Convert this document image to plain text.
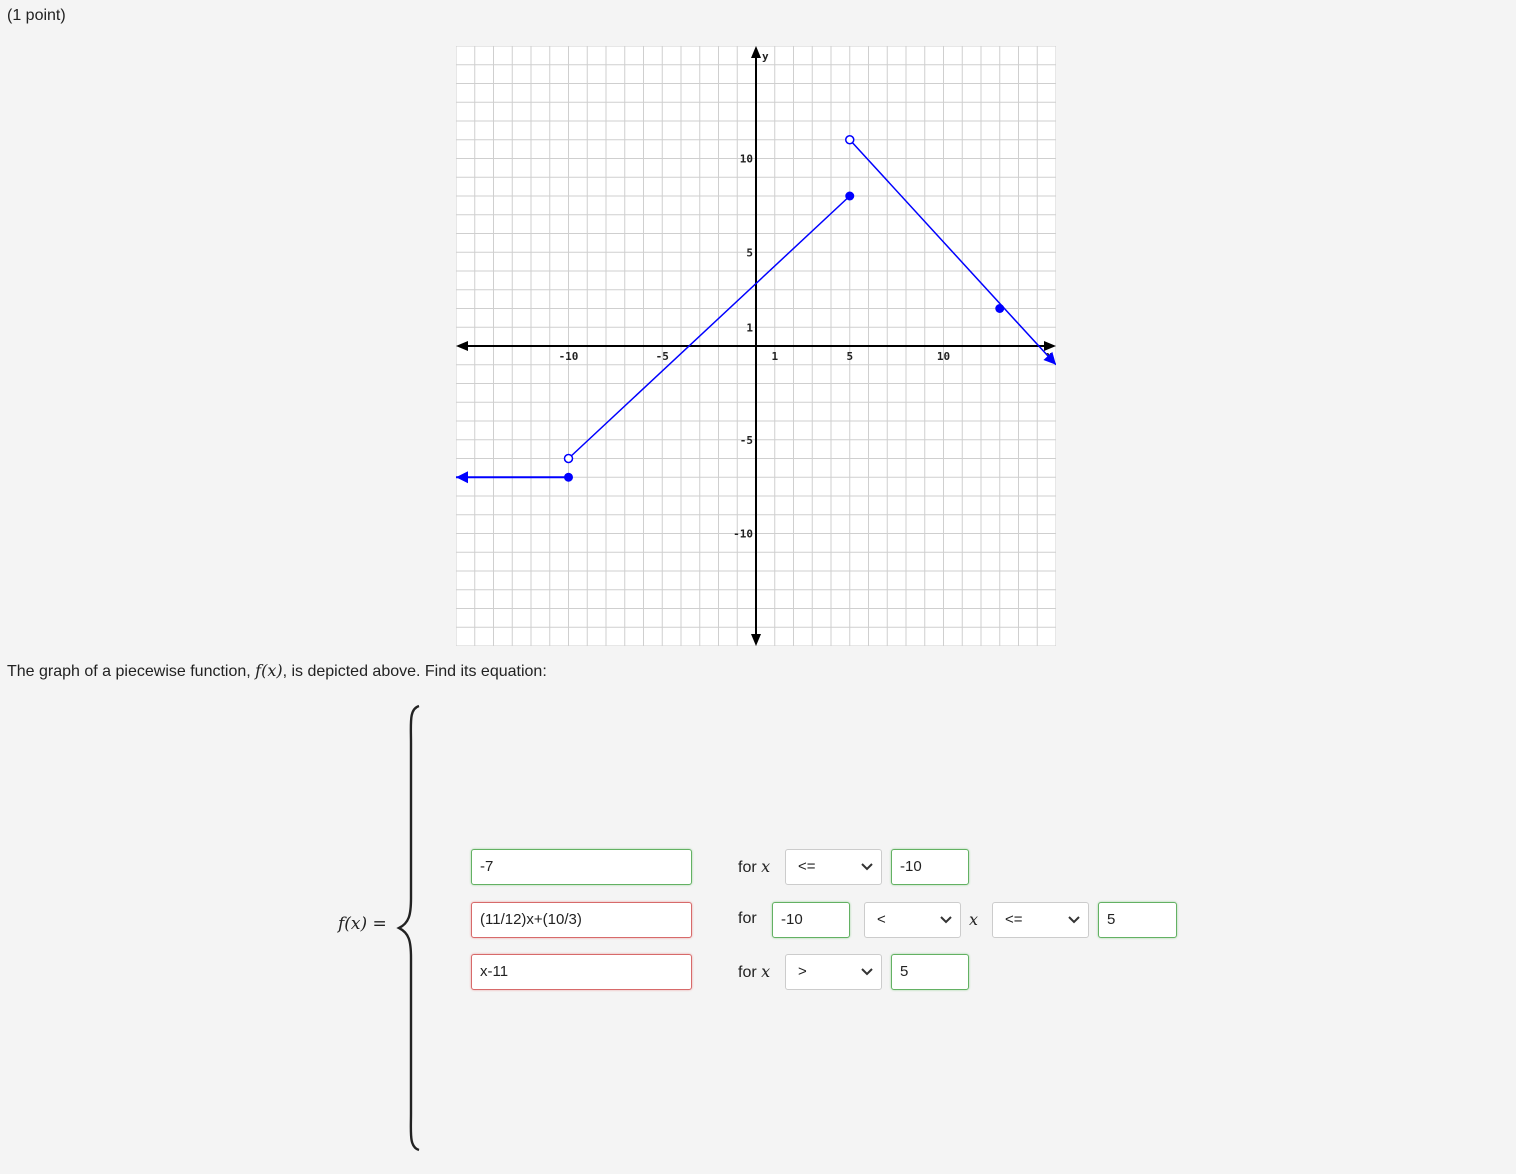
(1 point)
y
-10	-5	1	5	10
10
5
1
-5
-10
The graph of a piecewise function, f(x), is depicted above. Find its equation:
f(x) =
-7	for x	<=	-10
(11/12)x+(10/3)	for	-10	<	x	<=	5
x-11	for x	>	5
